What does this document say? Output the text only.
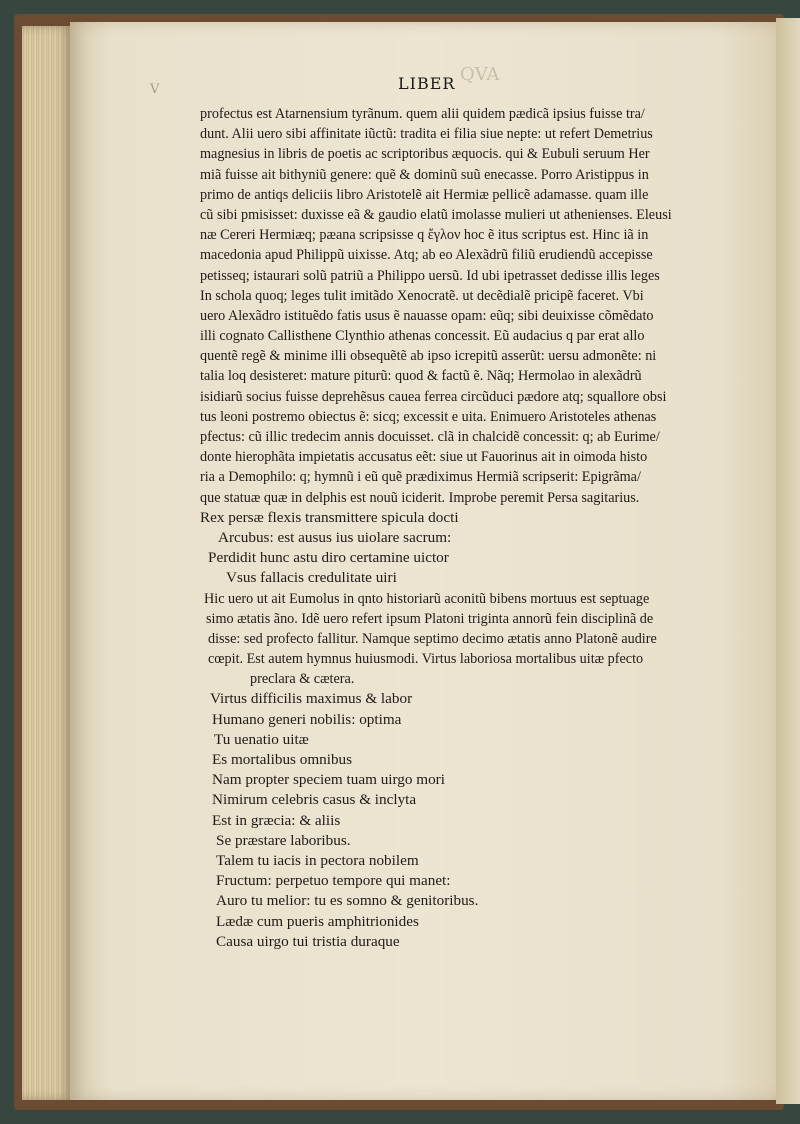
V	LIBER QVA
profectus est Atarnensium tyrãnum. quem alii quidem pædicã ipsius fuisse tra/
dunt. Alii uero sibi affinitate iũctũ: tradita ei filia siue nepte: ut refert Demetrius
magnesius in libris de poetis ac scriptoribus æquocis. qui & Eubuli seruum Her
miã fuisse ait bithyniũ genere: quẽ & dominũ suũ enecasse. Porro Aristippus in
primo de antiqs deliciis libro Aristotelẽ ait Hermiæ pellicẽ adamasse. quam ille
cũ sibi pmisisset: duxisse eã & gaudio elatũ imolasse mulieri ut athenienses. Eleusi
næ Cereri Hermiæq; pæana scripsisse q ἔγλον hoc ẽ itus scriptus est. Hinc iã in
macedonia apud Philippũ uixisse. Atq; ab eo Alexãdrũ filiũ erudiendũ accepisse
petisseq; istaurari solũ patriũ a Philippo uersũ. Id ubi ipetrasset dedisse illis leges
In schola quoq; leges tulit imitãdo Xenocratẽ. ut decẽdialẽ pricipẽ faceret. Vbi
uero Alexãdro istituẽdo fatis usus ẽ nauasse opam: eũq; sibi deuixisse cõmẽdato
illi cognato Callisthene Clynthio athenas concessit. Eũ audacius q par erat allo
quentẽ regẽ & minime illi obsequẽtẽ ab ipso icrepitũ asserũt: uersu admonẽte: ni
talia loq desisteret: mature piturũ: quod & factũ ẽ. Nãq; Hermolao in alexãdrũ
isidiarũ socius fuisse deprehẽsus cauea ferrea circũduci pædore atq; squallore obsi
tus leoni postremo obiectus ẽ: sicq; excessit e uita. Enimuero Aristoteles athenas
pfectus: cũ illic tredecim annis docuisset. clã in chalcidẽ concessit: q; ab Eurime/
donte hierophãta impietatis accusatus eẽt: siue ut Fauorinus ait in oimoda histo
ria a Demophilo: q; hymnũ i eũ quẽ prædiximus Hermiã scripserit: Epigrãma/
que statuæ quæ in delphis est nouũ iciderit. Improbe peremit Persa sagitarius.
Rex persæ flexis transmittere spicula docti
Arcubus: est ausus ius uiolare sacrum:
Perdidit hunc astu diro certamine uictor
Vsus fallacis credulitate uiri
Hic uero ut ait Eumolus in qnto historiarũ aconitũ bibens mortuus est septuage
simo ætatis ãno. Idẽ uero refert ipsum Platoni triginta annorũ fein disciplinã de
disse: sed profecto fallitur. Namque septimo decimo ætatis anno Platonẽ audire
cœpit. Est autem hymnus huiusmodi. Virtus laboriosa mortalibus uitæ pfecto
preclara & cætera.
Virtus difficilis maximus & labor
Humano generi nobilis: optima
Tu uenatio uitæ
Es mortalibus omnibus
Nam propter speciem tuam uirgo mori
Nimirum celebris casus & inclyta
Est in græcia: & aliis
Se præstare laboribus.
Talem tu iacis in pectora nobilem
Fructum: perpetuo tempore qui manet:
Auro tu melior: tu es somno & genitoribus.
Lædæ cum pueris amphitrionides
Causa uirgo tui tristia duraque
